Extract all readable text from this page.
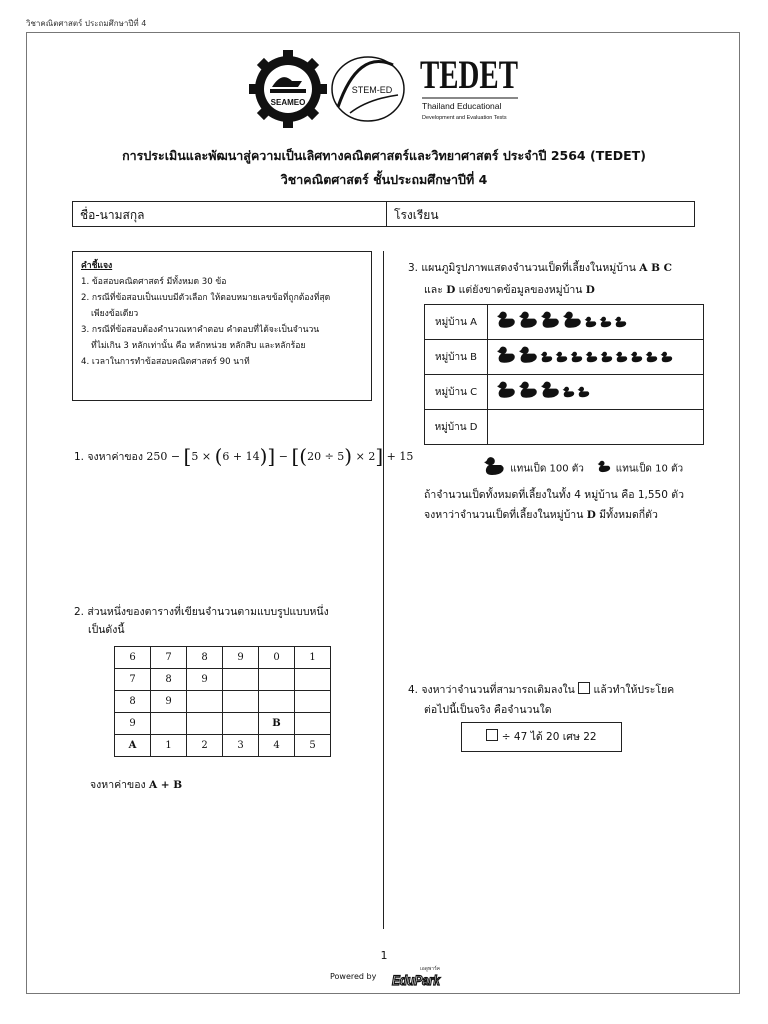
วิชาคณิตศาสตร์ ประถมศึกษาปีที่ 4
SEAMEO
STEM-ED TEDET
Thailand Educational
Development and Evaluation Tests
การประเมินและพัฒนาสู่ความเป็นเลิศทางคณิตศาสตร์และวิทยาศาสตร์ ประจำปี 2564 (TEDET)
วิชาคณิตศาสตร์ ชั้นประถมศึกษาปีที่ 4
ชื่อ-นามสกุล	โรงเรียน
คำชี้แจง
1. ข้อสอบคณิตศาสตร์ มีทั้งหมด 30 ข้อ
2. กรณีที่ข้อสอบเป็นแบบมีตัวเลือก ให้ตอบหมายเลขข้อที่ถูกต้องที่สุด
เพียงข้อเดียว
3. กรณีที่ข้อสอบต้องคำนวณหาคำตอบ คำตอบที่ได้จะเป็นจำนวน
ที่ไม่เกิน 3 หลักเท่านั้น คือ หลักหน่วย หลักสิบ และหลักร้อย
4. เวลาในการทำข้อสอบคณิตศาสตร์ 90 นาที
1. จงหาค่าของ 250 − [5 × (6 + 14)] − [(20 ÷ 5) × 2] + 15
2. ส่วนหนึ่งของตารางที่เขียนจำนวนตามแบบรูปแบบหนึ่ง
เป็นดังนี้
6	7	8	9	0	1
7	8	9			
8	9				
9				B	
A	1	2	3	4	5
จงหาค่าของ A + B
3. แผนภูมิรูปภาพแสดงจำนวนเป็ดที่เลี้ยงในหมู่บ้าน A B C
และ D แต่ยังขาดข้อมูลของหมู่บ้าน D
หมู่บ้าน A	
หมู่บ้าน B	
หมู่บ้าน C	
หมู่บ้าน D	
แทนเป็ด 100 ตัว	แทนเป็ด 10 ตัว
ถ้าจำนวนเป็ดทั้งหมดที่เลี้ยงในทั้ง 4 หมู่บ้าน คือ 1,550 ตัว
จงหาว่าจำนวนเป็ดที่เลี้ยงในหมู่บ้าน D มีทั้งหมดกี่ตัว
4. จงหาว่าจำนวนที่สามารถเติมลงใน แล้วทำให้ประโยค
ต่อไปนี้เป็นจริง คือจำนวนใด
÷ 47 ได้ 20 เศษ 22
1
Powered by
เอดูพาร์ค
EduPark
